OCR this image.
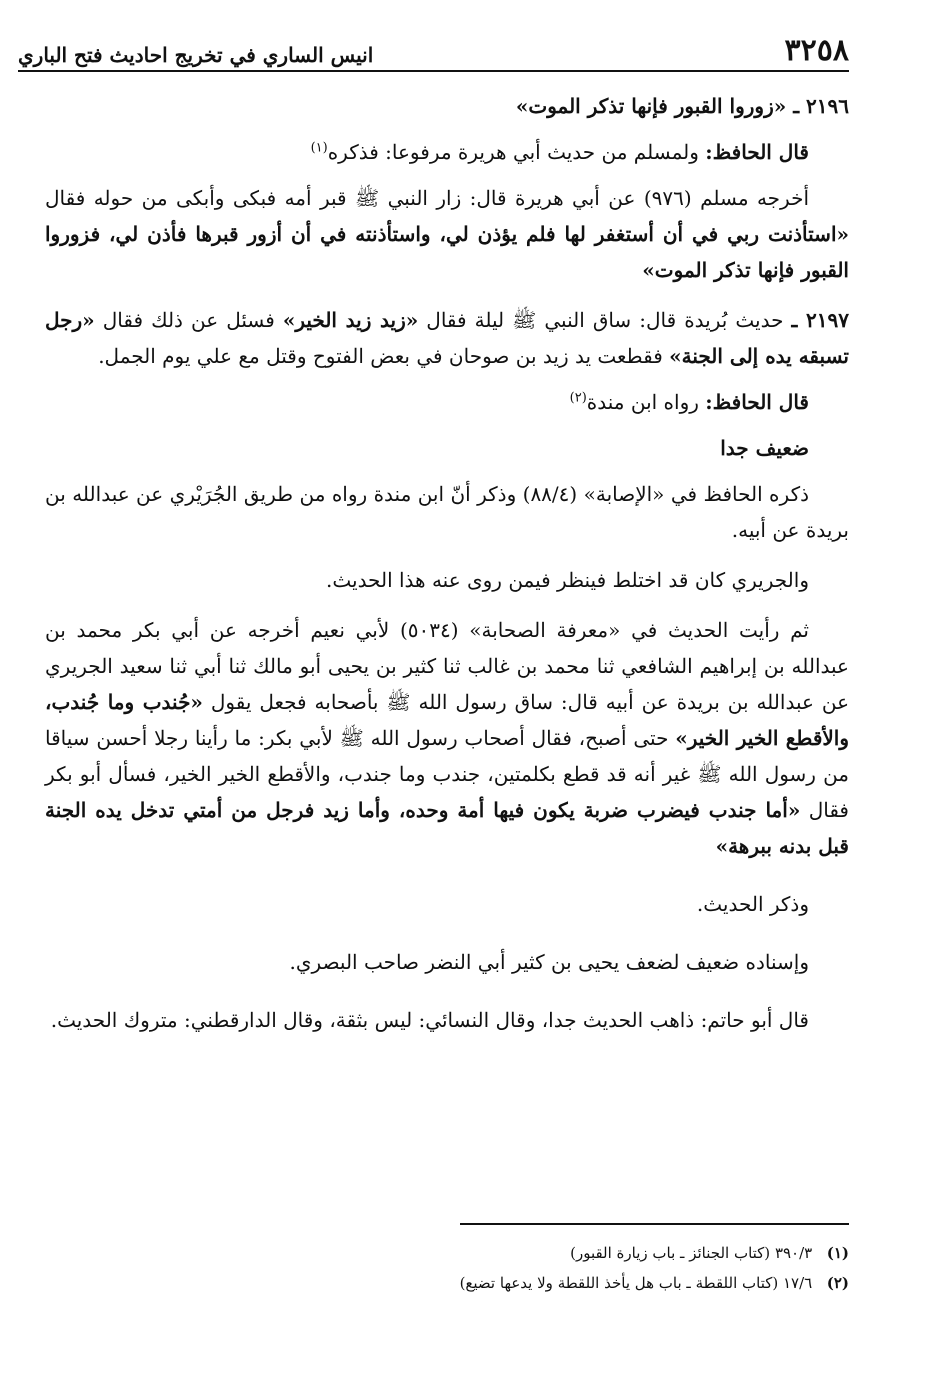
٣٢٥٨
انيس الساري في تخريج احاديث فتح الباري

٢١٩٦ ـ «زوروا القبور فإنها تذكر الموت»

قال الحافظ: ولمسلم من حديث أبي هريرة مرفوعا: فذكره$^{(١)}$

أخرجه مسلم (٩٧٦) عن أبي هريرة قال: زار النبي ﷺ قبر أمه فبكى وأبكى من حوله فقال «استأذنت ربي في أن أستغفر لها فلم يؤذن لي، واستأذنته في أن أزور قبرها فأذن لي، فزوروا القبور فإنها تذكر الموت»

٢١٩٧ ـ حديث بُريدة قال: ساق النبي ﷺ ليلة فقال «زيد زيد الخير» فسئل عن ذلك فقال «رجل تسبقه يده إلى الجنة» فقطعت يد زيد بن صوحان في بعض الفتوح وقتل مع علي يوم الجمل.

قال الحافظ: رواه ابن مندة$^{(٢)}$

ضعيف جدا

ذكره الحافظ في «الإصابة» (٨٨/٤) وذكر أنّ ابن مندة رواه من طريق الجُرَيْري عن عبدالله بن بريدة عن أبيه.

والجريري كان قد اختلط فينظر فيمن روى عنه هذا الحديث.

ثم رأيت الحديث في «معرفة الصحابة» (٥٠٣٤) لأبي نعيم أخرجه عن أبي بكر محمد بن عبدالله بن إبراهيم الشافعي ثنا محمد بن غالب ثنا كثير بن يحيى أبو مالك ثنا أبي ثنا سعيد الجريري عن عبدالله بن بريدة عن أبيه قال: ساق رسول الله ﷺ بأصحابه فجعل يقول «جُندب وما جُندب، والأقطع الخير الخير» حتى أصبح، فقال أصحاب رسول الله ﷺ لأبي بكر: ما رأينا رجلا أحسن سياقا من رسول الله ﷺ غير أنه قد قطع بكلمتين، جندب وما جندب، والأقطع الخير الخير، فسأل أبو بكر فقال «أما جندب فيضرب ضربة يكون فيها أمة وحده، وأما زيد فرجل من أمتي تدخل يده الجنة قبل بدنه ببرهة»

وذكر الحديث.

وإسناده ضعيف لضعف يحيى بن كثير أبي النضر صاحب البصري.

قال أبو حاتم: ذاهب الحديث جدا، وقال النسائي: ليس بثقة، وقال الدارقطني: متروك الحديث.

(١) ٣٩٠/٣ (كتاب الجنائز ـ باب زيارة القبور)

(٢) ١٧/٦ (كتاب اللقطة ـ باب هل يأخذ اللقطة ولا يدعها تضيع)
